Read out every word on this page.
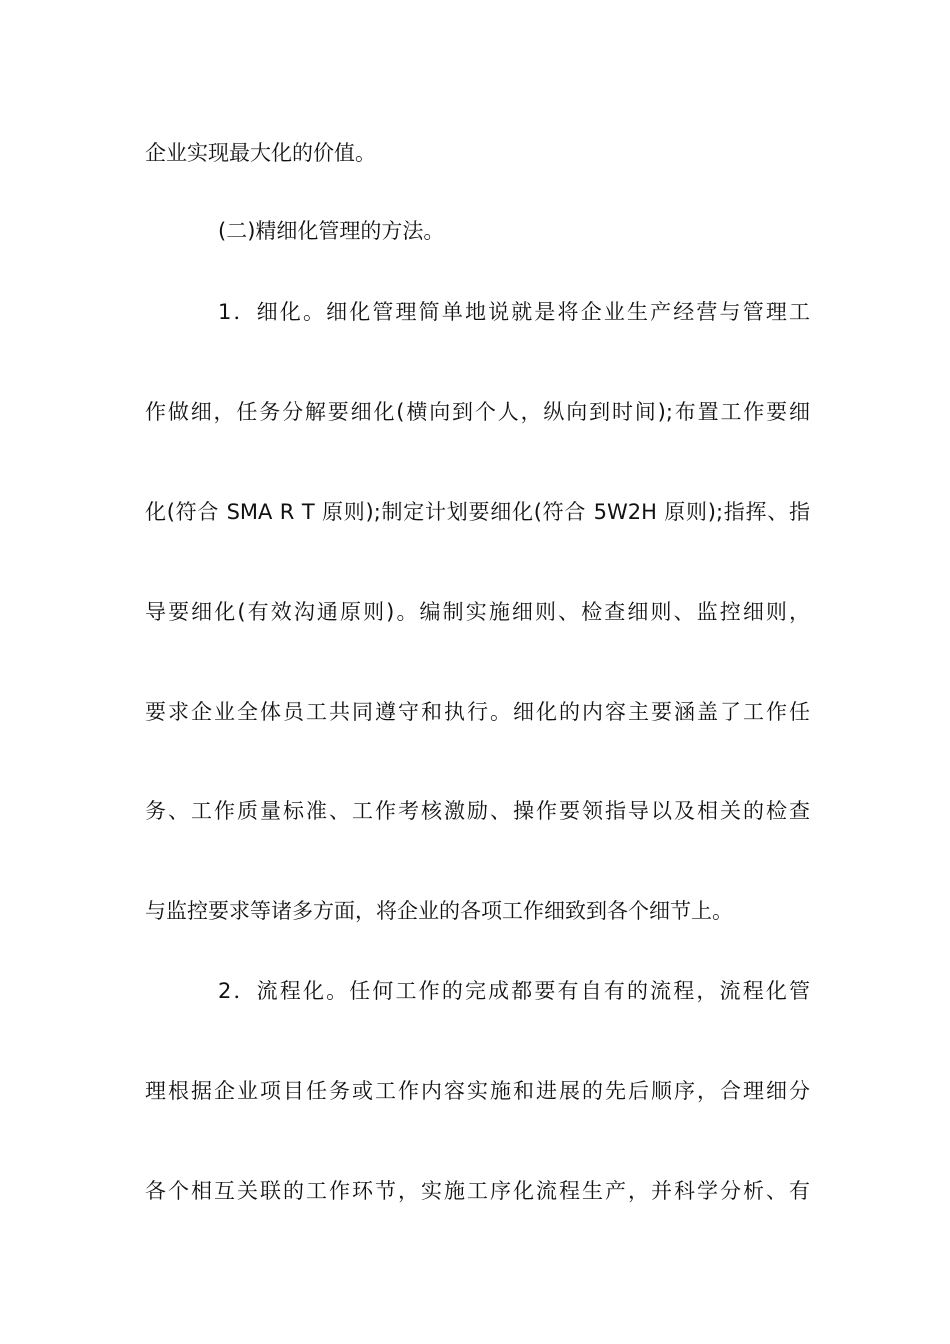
企业实现最大化的价值。
(二)精细化管理的方法。
1．细化。细化管理简单地说就是将企业生产经营与管理工
作做细，任务分解要细化(横向到个人，纵向到时间);布置工作要细
化(符合 SMA R T 原则);制定计划要细化(符合 5W2H 原则);指挥、指
导要细化(有效沟通原则)。编制实施细则、检查细则、监控细则，
要求企业全体员工共同遵守和执行。细化的内容主要涵盖了工作任
务、工作质量标准、工作考核激励、操作要领指导以及相关的检查
与监控要求等诸多方面，将企业的各项工作细致到各个细节上。
2．流程化。任何工作的完成都要有自有的流程，流程化管
理根据企业项目任务或工作内容实施和进展的先后顺序，合理细分
各个相互关联的工作环节，实施工序化流程生产，并科学分析、有
